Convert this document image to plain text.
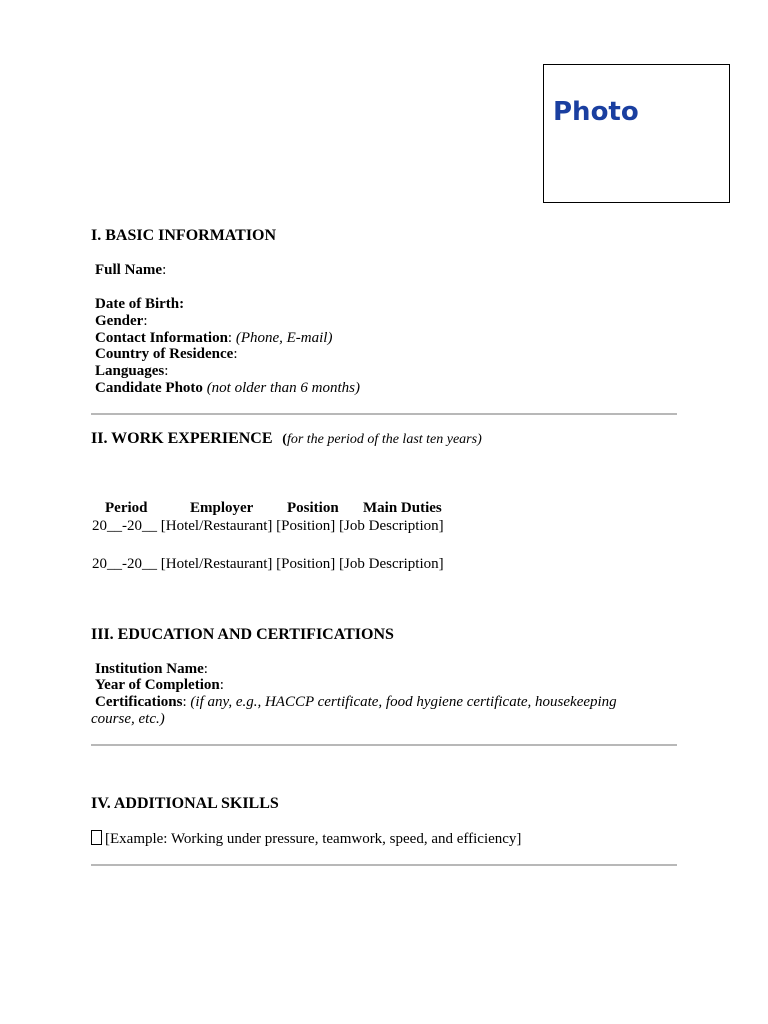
Photo
I. BASIC INFORMATION
Full Name:
Date of Birth:
Gender:
Contact Information: (Phone, E-mail)
Country of Residence:
Languages:
Candidate Photo (not older than 6 months)
II. WORK EXPERIENCE (for the period of the last ten years)
Period	Employer Position Main Duties
20__-20__ [Hotel/Restaurant] [Position] [Job Description]
20__-20__ [Hotel/Restaurant] [Position] [Job Description]
III. EDUCATION AND CERTIFICATIONS
Institution Name:
Year of Completion:
Certifications: (if any, e.g., HACCP certificate, food hygiene certificate, housekeeping
course, etc.)
IV. ADDITIONAL SKILLS
[Example: Working under pressure, teamwork, speed, and efficiency]
